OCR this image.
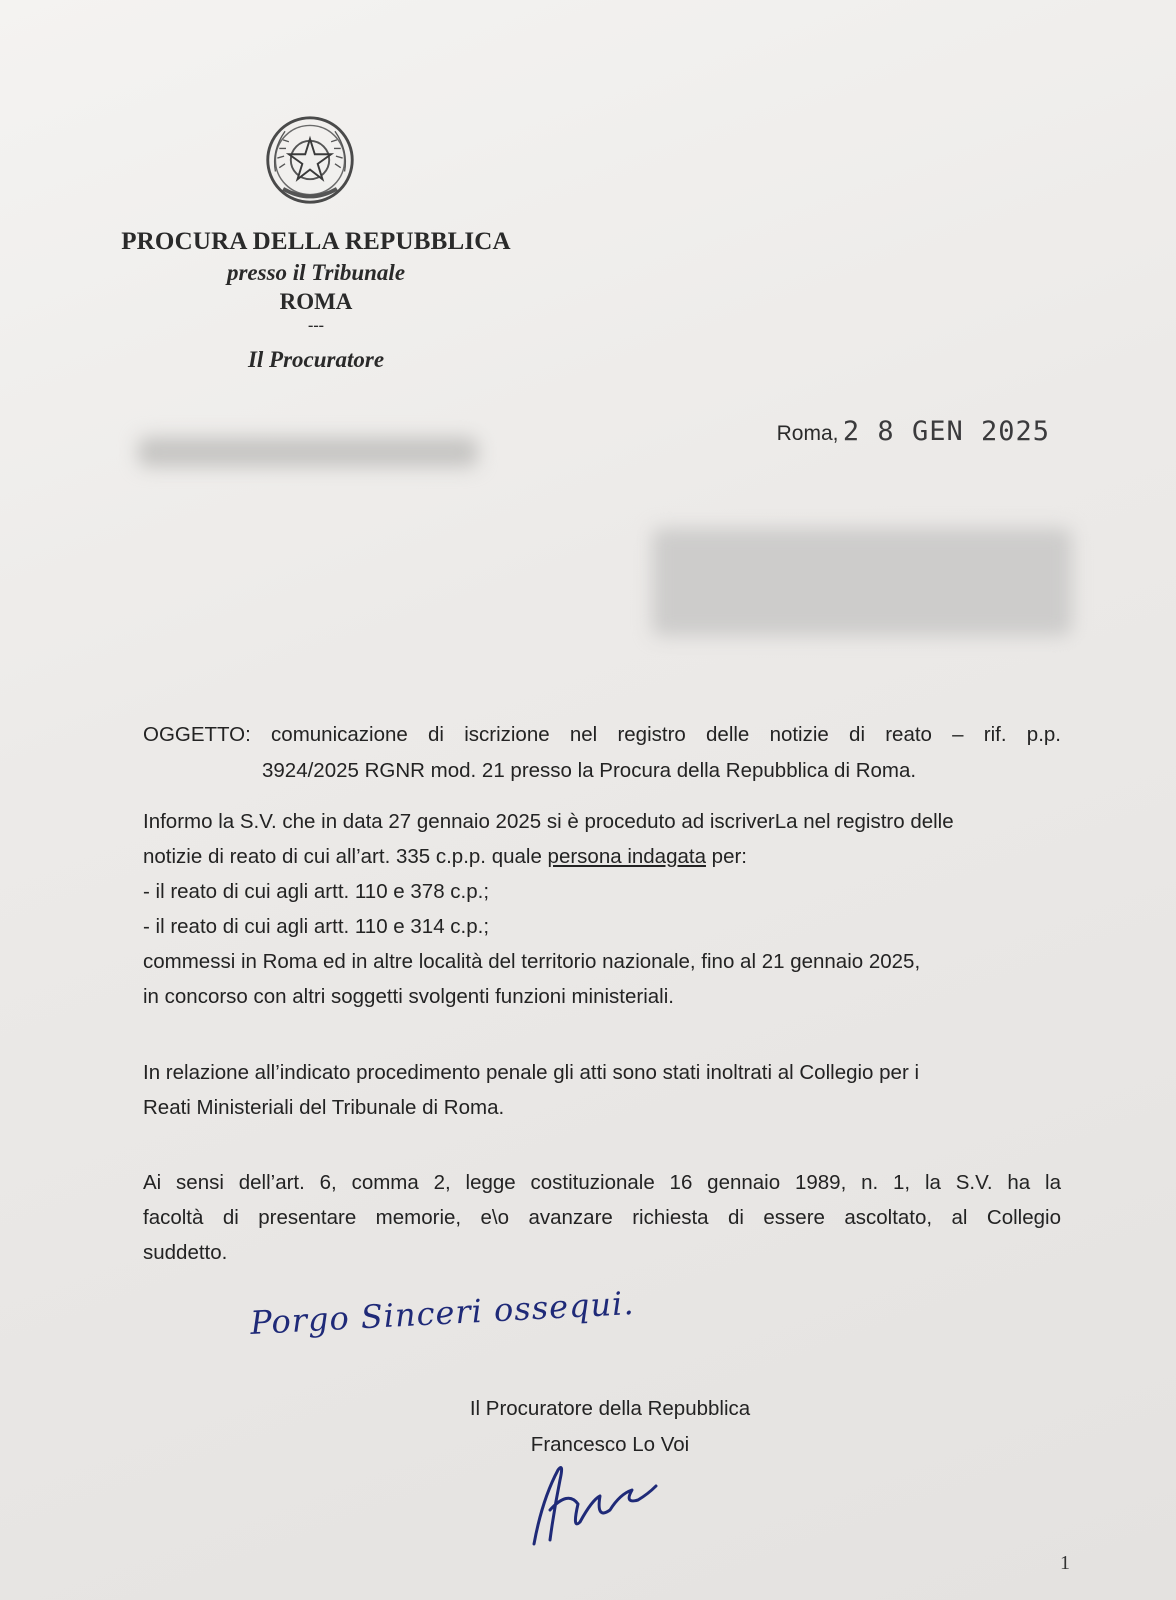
PROCURA DELLA REPUBBLICA
presso il Tribunale
ROMA
---
Il Procuratore
Roma, 2 8 GEN 2025
OGGETTO: comunicazione di iscrizione nel registro delle notizie di reato – rif. p.p.
3924/2025 RGNR mod. 21 presso la Procura della Repubblica di Roma.
Informo la S.V. che in data 27 gennaio 2025 si è proceduto ad iscriverLa nel registro delle
notizie di reato di cui all’art. 335 c.p.p. quale persona indagata per:
- il reato di cui agli artt. 110 e 378 c.p.;
- il reato di cui agli artt. 110 e 314 c.p.;
commessi in Roma ed in altre località del territorio nazionale, fino al 21 gennaio 2025,
in concorso con altri soggetti svolgenti funzioni ministeriali.
In relazione all’indicato procedimento penale gli atti sono stati inoltrati al Collegio per i
Reati Ministeriali del Tribunale di Roma.
Ai sensi dell’art. 6, comma 2, legge costituzionale 16 gennaio 1989, n. 1, la S.V. ha la
facoltà di presentare memorie, e\o avanzare richiesta di essere ascoltato, al Collegio
suddetto.
Porgo Sinceri ossequi.
Il Procuratore della Repubblica
Francesco Lo Voi
1
